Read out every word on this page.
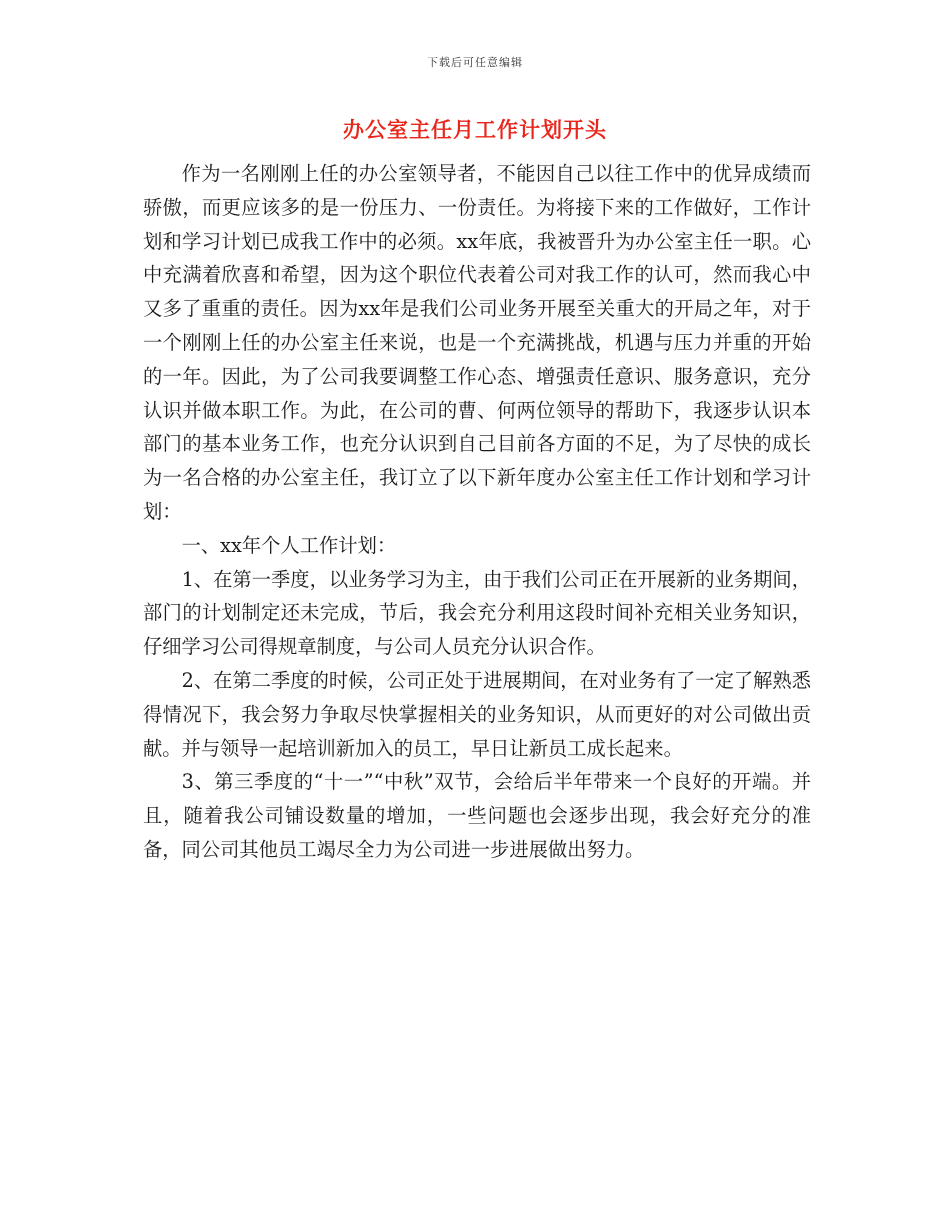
下载后可任意编辑
办公室主任月工作计划开头

作为一名刚刚上任的办公室领导者，不能因自己以往工作中的优异成绩而骄傲，而更应该多的是一份压力、一份责任。为将接下来的工作做好，工作计划和学习计划已成我工作中的必须。xx年底，我被晋升为办公室主任一职。心中充满着欣喜和希望，因为这个职位代表着公司对我工作的认可，然而我心中又多了重重的责任。因为xx年是我们公司业务开展至关重大的开局之年，对于一个刚刚上任的办公室主任来说，也是一个充满挑战，机遇与压力并重的开始的一年。因此，为了公司我要调整工作心态、增强责任意识、服务意识，充分认识并做本职工作。为此，在公司的曹、何两位领导的帮助下，我逐步认识本部门的基本业务工作，也充分认识到自己目前各方面的不足，为了尽快的成长为一名合格的办公室主任，我订立了以下新年度办公室主任工作计划和学习计划：

一、xx年个人工作计划：

1、在第一季度，以业务学习为主，由于我们公司正在开展新的业务期间，部门的计划制定还未完成，节后，我会充分利用这段时间补充相关业务知识，仔细学习公司得规章制度，与公司人员充分认识合作。

2、在第二季度的时候，公司正处于进展期间，在对业务有了一定了解熟悉得情况下，我会努力争取尽快掌握相关的业务知识，从而更好的对公司做出贡献。并与领导一起培训新加入的员工，早日让新员工成长起来。

3、第三季度的“十一”“中秋”双节，会给后半年带来一个良好的开端。并且，随着我公司铺设数量的增加，一些问题也会逐步出现，我会好充分的准备，同公司其他员工竭尽全力为公司进一步进展做出努力。
